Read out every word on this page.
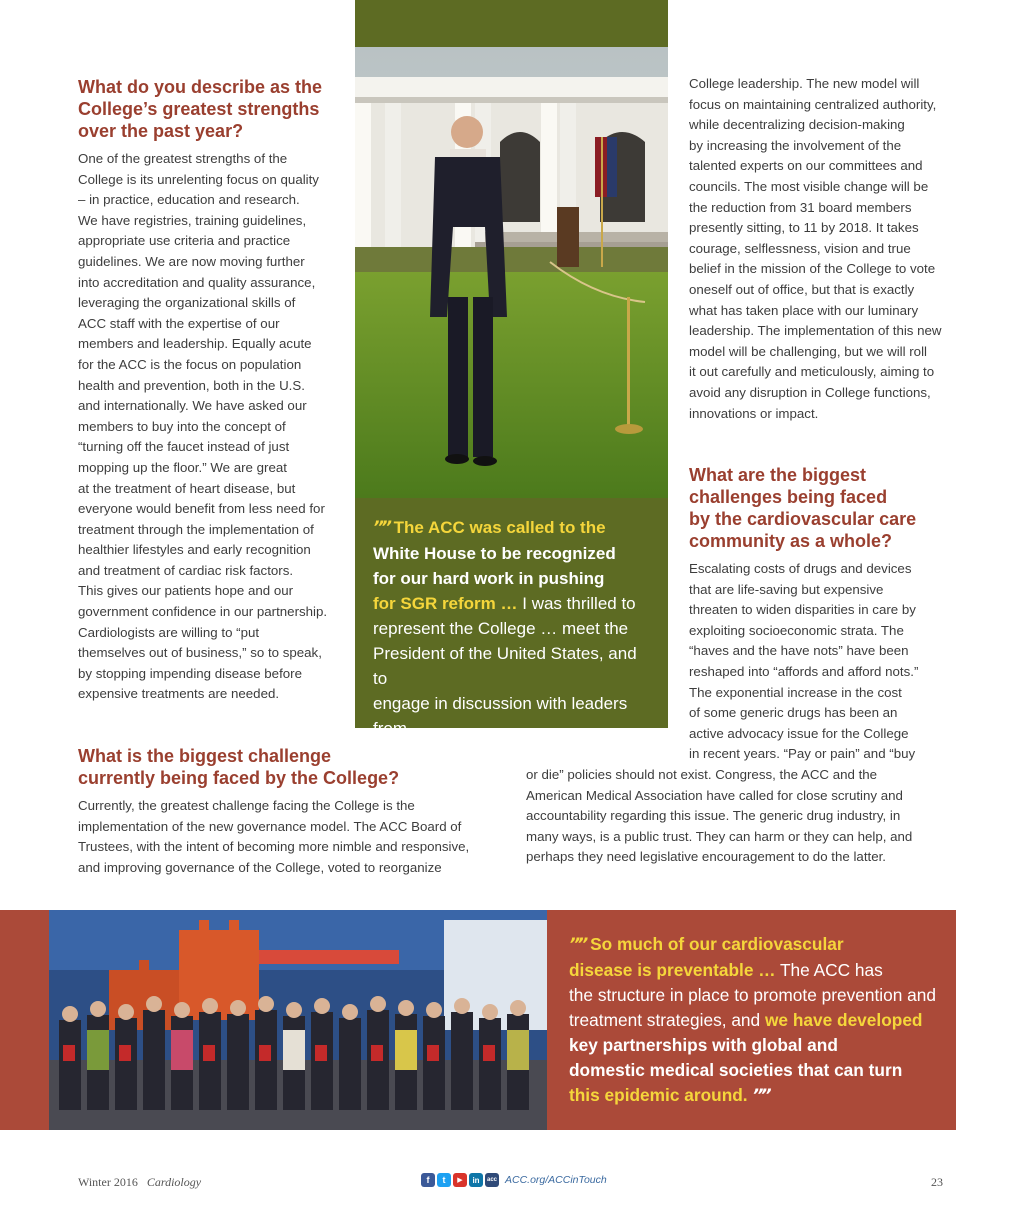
What do you describe as the

College’s greatest strengths

over the past year?

One of the greatest strengths of the

College is its unrelenting focus on quality

– in practice, education and research.

We have registries, training guidelines,

appropriate use criteria and practice

guidelines. We are now moving further

into accreditation and quality assurance,

leveraging the organizational skills of

ACC staff with the expertise of our

members and leadership. Equally acute

for the ACC is the focus on population

health and prevention, both in the U.S.

and internationally. We have asked our

members to buy into the concept of

“turning off the faucet instead of just

mopping up the floor.” We are great

at the treatment of heart disease, but

everyone would benefit from less need for

treatment through the implementation of

healthier lifestyles and early recognition

and treatment of cardiac risk factors.

This gives our patients hope and our

government confidence in our partnership.

Cardiologists are willing to “put

themselves out of business,” so to speak,

by stopping impending disease before

expensive treatments are needed.

What is the biggest challenge

currently being faced by the College?

Currently, the greatest challenge facing the College is the

implementation of the new governance model. The ACC Board of

Trustees, with the intent of becoming more nimble and responsive,

and improving governance of the College, voted to reorganize

”” The ACC was called to the

White House to be recognized

for our hard work in pushing

for SGR reform … I was thrilled to

represent the College … meet the

President of the United States, and to

engage in discussion with leaders from

several other medical societies. ””

College leadership. The new model will

focus on maintaining centralized authority,

while decentralizing decision-making

by increasing the involvement of the

talented experts on our committees and

councils. The most visible change will be

the reduction from 31 board members

presently sitting, to 11 by 2018. It takes

courage, selflessness, vision and true

belief in the mission of the College to vote

oneself out of office, but that is exactly

what has taken place with our luminary

leadership. The implementation of this new

model will be challenging, but we will roll

it out carefully and meticulously, aiming to

avoid any disruption in College functions,

innovations or impact.

What are the biggest

challenges being faced

by the cardiovascular care

community as a whole?

Escalating costs of drugs and devices

that are life-saving but expensive

threaten to widen disparities in care by

exploiting socioeconomic strata. The

“haves and the have nots” have been

reshaped into “affords and afford nots.”

The exponential increase in the cost

of some generic drugs has been an

active advocacy issue for the College

in recent years. “Pay or pain” and “buy

or die” policies should not exist. Congress, the ACC and the

American Medical Association have called for close scrutiny and

accountability regarding this issue. The generic drug industry, in

many ways, is a public trust. They can harm or they can help, and

perhaps they need legislative encouragement to do the latter.

”” So much of our cardiovascular

disease is preventable … The ACC has

the structure in place to promote prevention and

treatment strategies, and we have developed

key partnerships with global and

domestic medical societies that can turn

this epidemic around. ””

Winter 2016 Cardiology	f	t	▶	in	acc ACC.org/ACCinTouch	23
